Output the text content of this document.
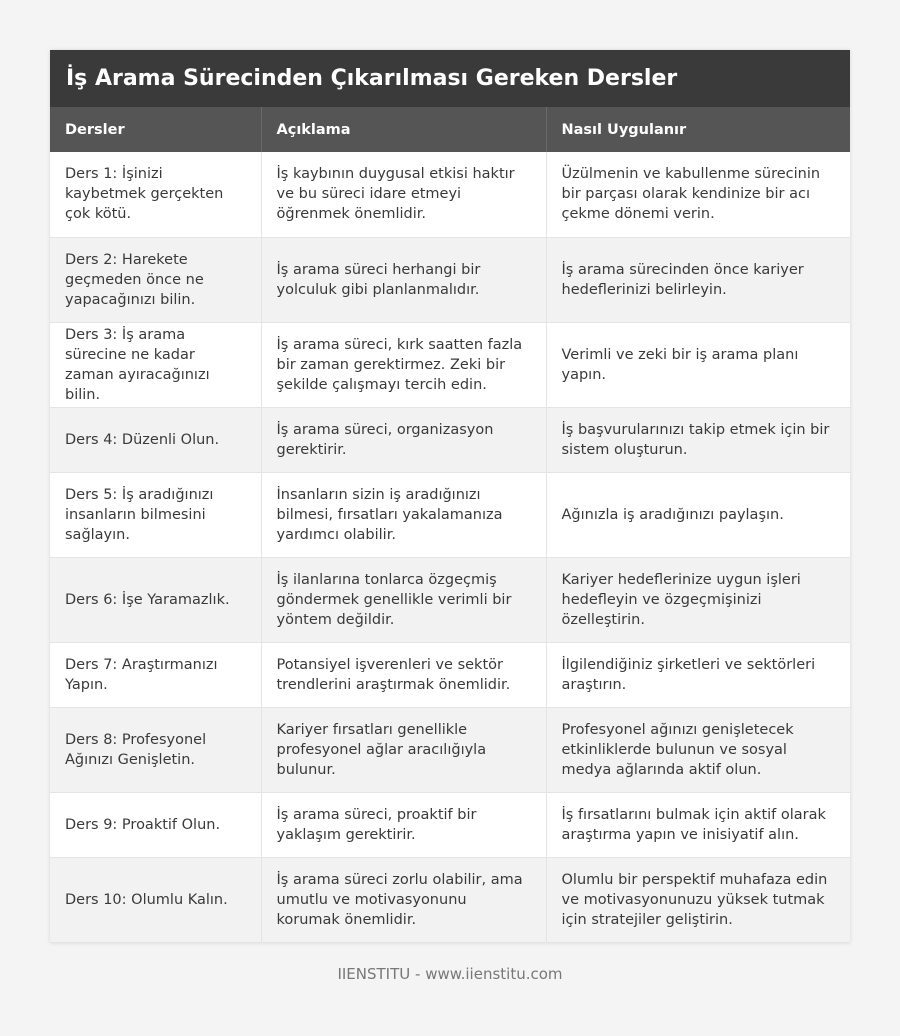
İş Arama Sürecinden Çıkarılması Gereken Dersler
Dersler	Açıklama	Nasıl Uygulanır
Ders 1: İşinizi kaybetmek gerçekten çok kötü.	İş kaybının duygusal etkisi haktır ve bu süreci idare etmeyi öğrenmek önemlidir.	Üzülmenin ve kabullenme sürecinin bir parçası olarak kendinize bir acı çekme dönemi verin.
Ders 2: Harekete geçmeden önce ne yapacağınızı bilin.	İş arama süreci herhangi bir yolculuk gibi planlanmalıdır.	İş arama sürecinden önce kariyer hedeflerinizi belirleyin.
Ders 3: İş arama sürecine ne kadar zaman ayıracağınızı bilin.	İş arama süreci, kırk saatten fazla bir zaman gerektirmez. Zeki bir şekilde çalışmayı tercih edin.	Verimli ve zeki bir iş arama planı yapın.
Ders 4: Düzenli Olun.	İş arama süreci, organizasyon gerektirir.	İş başvurularınızı takip etmek için bir sistem oluşturun.
Ders 5: İş aradığınızı insanların bilmesini sağlayın.	İnsanların sizin iş aradığınızı bilmesi, fırsatları yakalamanıza yardımcı olabilir.	Ağınızla iş aradığınızı paylaşın.
Ders 6: İşe Yaramazlık.	İş ilanlarına tonlarca özgeçmiş göndermek genellikle verimli bir yöntem değildir.	Kariyer hedeflerinize uygun işleri hedefleyin ve özgeçmişinizi özelleştirin.
Ders 7: Araştırmanızı Yapın.	Potansiyel işverenleri ve sektör trendlerini araştırmak önemlidir.	İlgilendiğiniz şirketleri ve sektörleri araştırın.
Ders 8: Profesyonel Ağınızı Genişletin.	Kariyer fırsatları genellikle profesyonel ağlar aracılığıyla bulunur.	Profesyonel ağınızı genişletecek etkinliklerde bulunun ve sosyal medya ağlarında aktif olun.
Ders 9: Proaktif Olun.	İş arama süreci, proaktif bir yaklaşım gerektirir.	İş fırsatlarını bulmak için aktif olarak araştırma yapın ve inisiyatif alın.
Ders 10: Olumlu Kalın.	İş arama süreci zorlu olabilir, ama umutlu ve motivasyonunu korumak önemlidir.	Olumlu bir perspektif muhafaza edin ve motivasyonunuzu yüksek tutmak için stratejiler geliştirin.
IIENSTITU - www.iienstitu.com
